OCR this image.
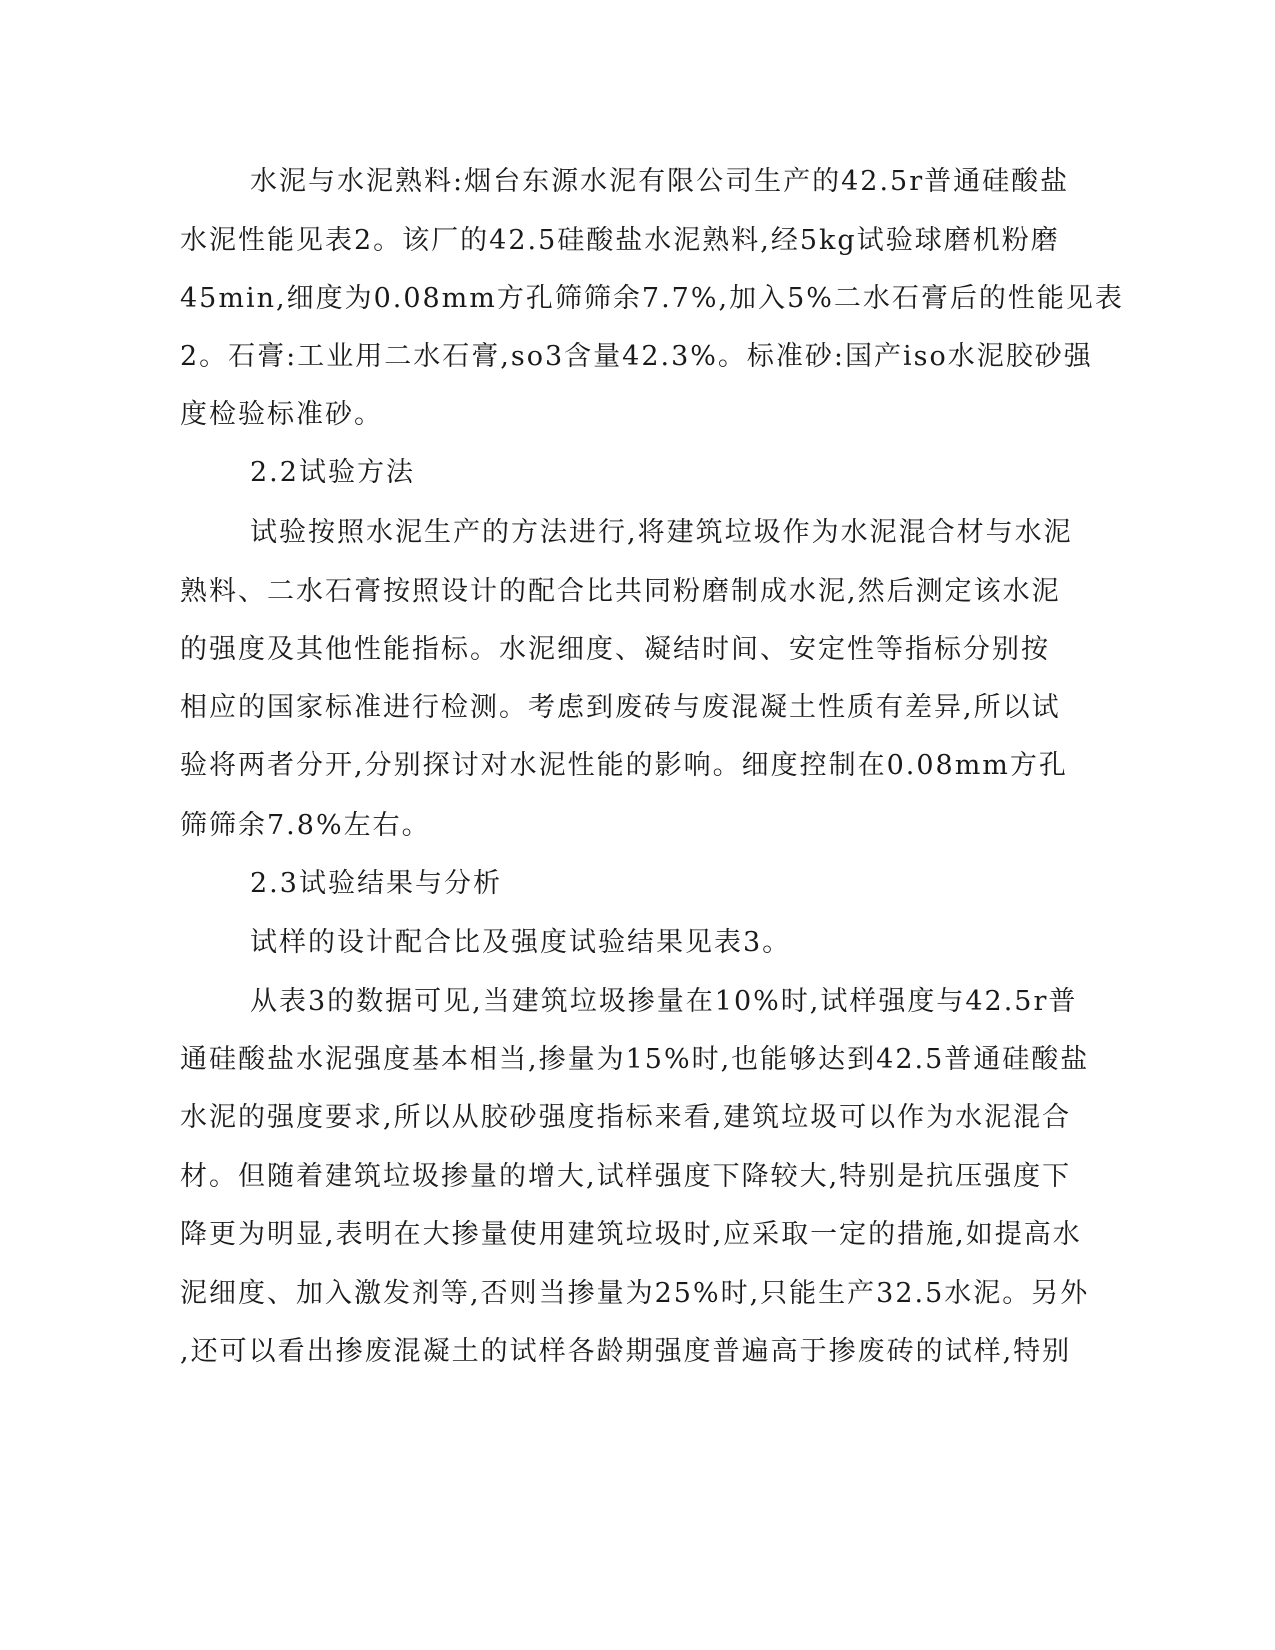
水泥与水泥熟料:烟台东源水泥有限公司生产的42.5r普通硅酸盐
水泥性能见表2。该厂的42.5硅酸盐水泥熟料,经5kg试验球磨机粉磨
45min,细度为0.08mm方孔筛筛余7.7%,加入5%二水石膏后的性能见表
2。石膏:工业用二水石膏,so3含量42.3%。标准砂:国产iso水泥胶砂强
度检验标准砂。
2.2试验方法
试验按照水泥生产的方法进行,将建筑垃圾作为水泥混合材与水泥
熟料、二水石膏按照设计的配合比共同粉磨制成水泥,然后测定该水泥
的强度及其他性能指标。水泥细度、凝结时间、安定性等指标分别按
相应的国家标准进行检测。考虑到废砖与废混凝土性质有差异,所以试
验将两者分开,分别探讨对水泥性能的影响。细度控制在0.08mm方孔
筛筛余7.8%左右。
2.3试验结果与分析
试样的设计配合比及强度试验结果见表3。
从表3的数据可见,当建筑垃圾掺量在10%时,试样强度与42.5r普
通硅酸盐水泥强度基本相当,掺量为15%时,也能够达到42.5普通硅酸盐
水泥的强度要求,所以从胶砂强度指标来看,建筑垃圾可以作为水泥混合
材。但随着建筑垃圾掺量的增大,试样强度下降较大,特别是抗压强度下
降更为明显,表明在大掺量使用建筑垃圾时,应采取一定的措施,如提高水
泥细度、加入激发剂等,否则当掺量为25%时,只能生产32.5水泥。另外
,还可以看出掺废混凝土的试样各龄期强度普遍高于掺废砖的试样,特别
